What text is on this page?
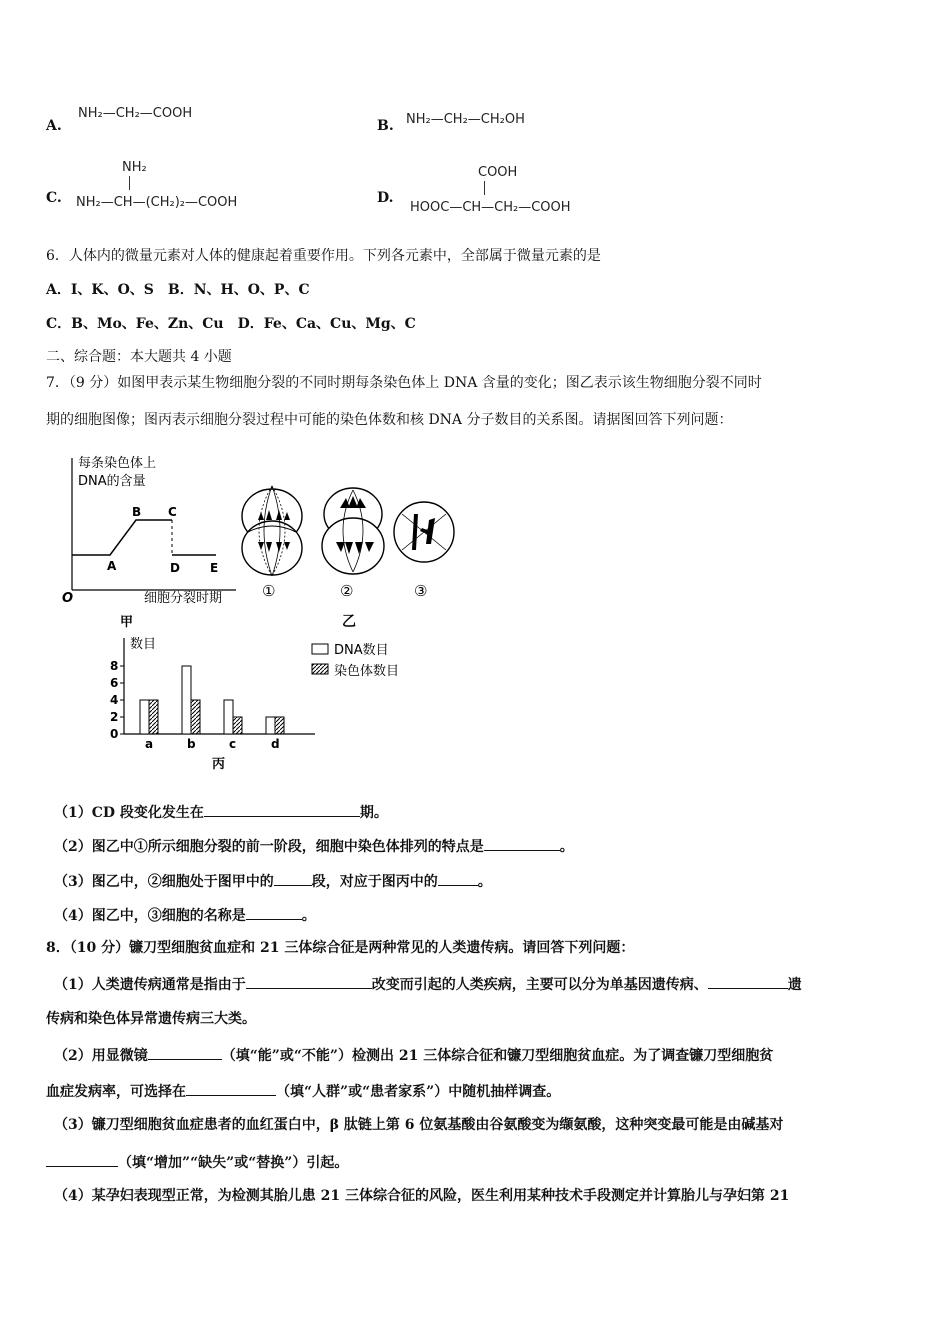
A.
NH₂—CH₂—COOH
B. NH₂—CH₂—CH₂OH
C.
NH₂
NH₂—CH—(CH₂)₂—COOH	D.
COOH
HOOC—CH—CH₂—COOH
6．人体内的微量元素对人体的健康起着重要作用。下列各元素中，全部属于微量元素的是
A．I、K、O、S　B．N、H、O、P、C
C．B、Mo、Fe、Zn、Cu　D．Fe、Ca、Cu、Mg、C
二、综合题：本大题共 4 小题
7．（9 分）如图甲表示某生物细胞分裂的不同时期每条染色体上 DNA 含量的变化；图乙表示该生物细胞分裂不同时
期的细胞图像；图丙表示细胞分裂过程中可能的染色体数和核 DNA 分子数目的关系图。请据图回答下列问题：
每条染色体上
DNA的含量
O
A
B C
D	E
细胞分裂时期
甲
①	②	③
乙
数目
0
2
4
6
8
a	b	c	d
DNA数目
染色体数目
丙
（1）CD 段变化发生在	期。
（2）图乙中①所示细胞分裂的前一阶段，细胞中染色体排列的特点是	。
（3）图乙中，②细胞处于图甲中的	段，对应于图丙中的	。
（4）图乙中，③细胞的名称是	。
8．（10 分）镰刀型细胞贫血症和 21 三体综合征是两种常见的人类遗传病。请回答下列问题：
（1）人类遗传病通常是指由于	改变而引起的人类疾病，主要可以分为单基因遗传病、	遗
传病和染色体异常遗传病三大类。
（2）用显微镜	（填“能”或“不能”）检测出 21 三体综合征和镰刀型细胞贫血症。为了调查镰刀型细胞贫
血症发病率，可选择在	（填“人群”或“患者家系”）中随机抽样调查。
（3）镰刀型细胞贫血症患者的血红蛋白中，β 肽链上第 6 位氨基酸由谷氨酸变为缬氨酸，这种突变最可能是由碱基对
（填“增加”“缺失”或“替换”）引起。
（4）某孕妇表现型正常，为检测其胎儿患 21 三体综合征的风险，医生利用某种技术手段测定并计算胎儿与孕妇第 21
